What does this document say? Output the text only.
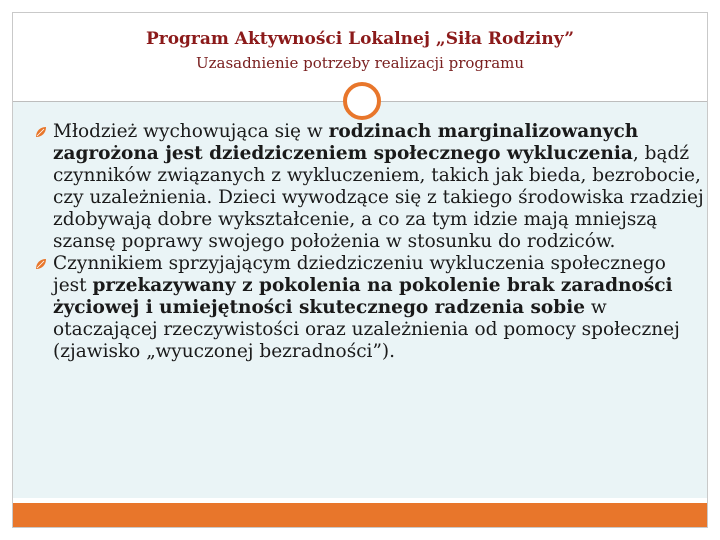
Program Aktywności Lokalnej „Siła Rodziny”
Uzasadnienie potrzeby realizacji programu
Młodzież wychowująca się w rodzinach marginalizowanych zagrożona jest dziedziczeniem społecznego wykluczenia, bądź czynników związanych z wykluczeniem, takich jak bieda, bezrobocie, czy uzależnienia. Dzieci wywodzące się z takiego środowiska rzadziej zdobywają dobre wykształcenie, a co za tym idzie mają mniejszą szansę poprawy swojego położenia w stosunku do rodziców.
Czynnikiem sprzyjającym dziedziczeniu wykluczenia społecznego jest przekazywany z pokolenia na pokolenie brak zaradności życiowej i umiejętności skutecznego radzenia sobie w otaczającej rzeczywistości oraz uzależnienia od pomocy społecznej (zjawisko „wyuczonej bezradności”).
